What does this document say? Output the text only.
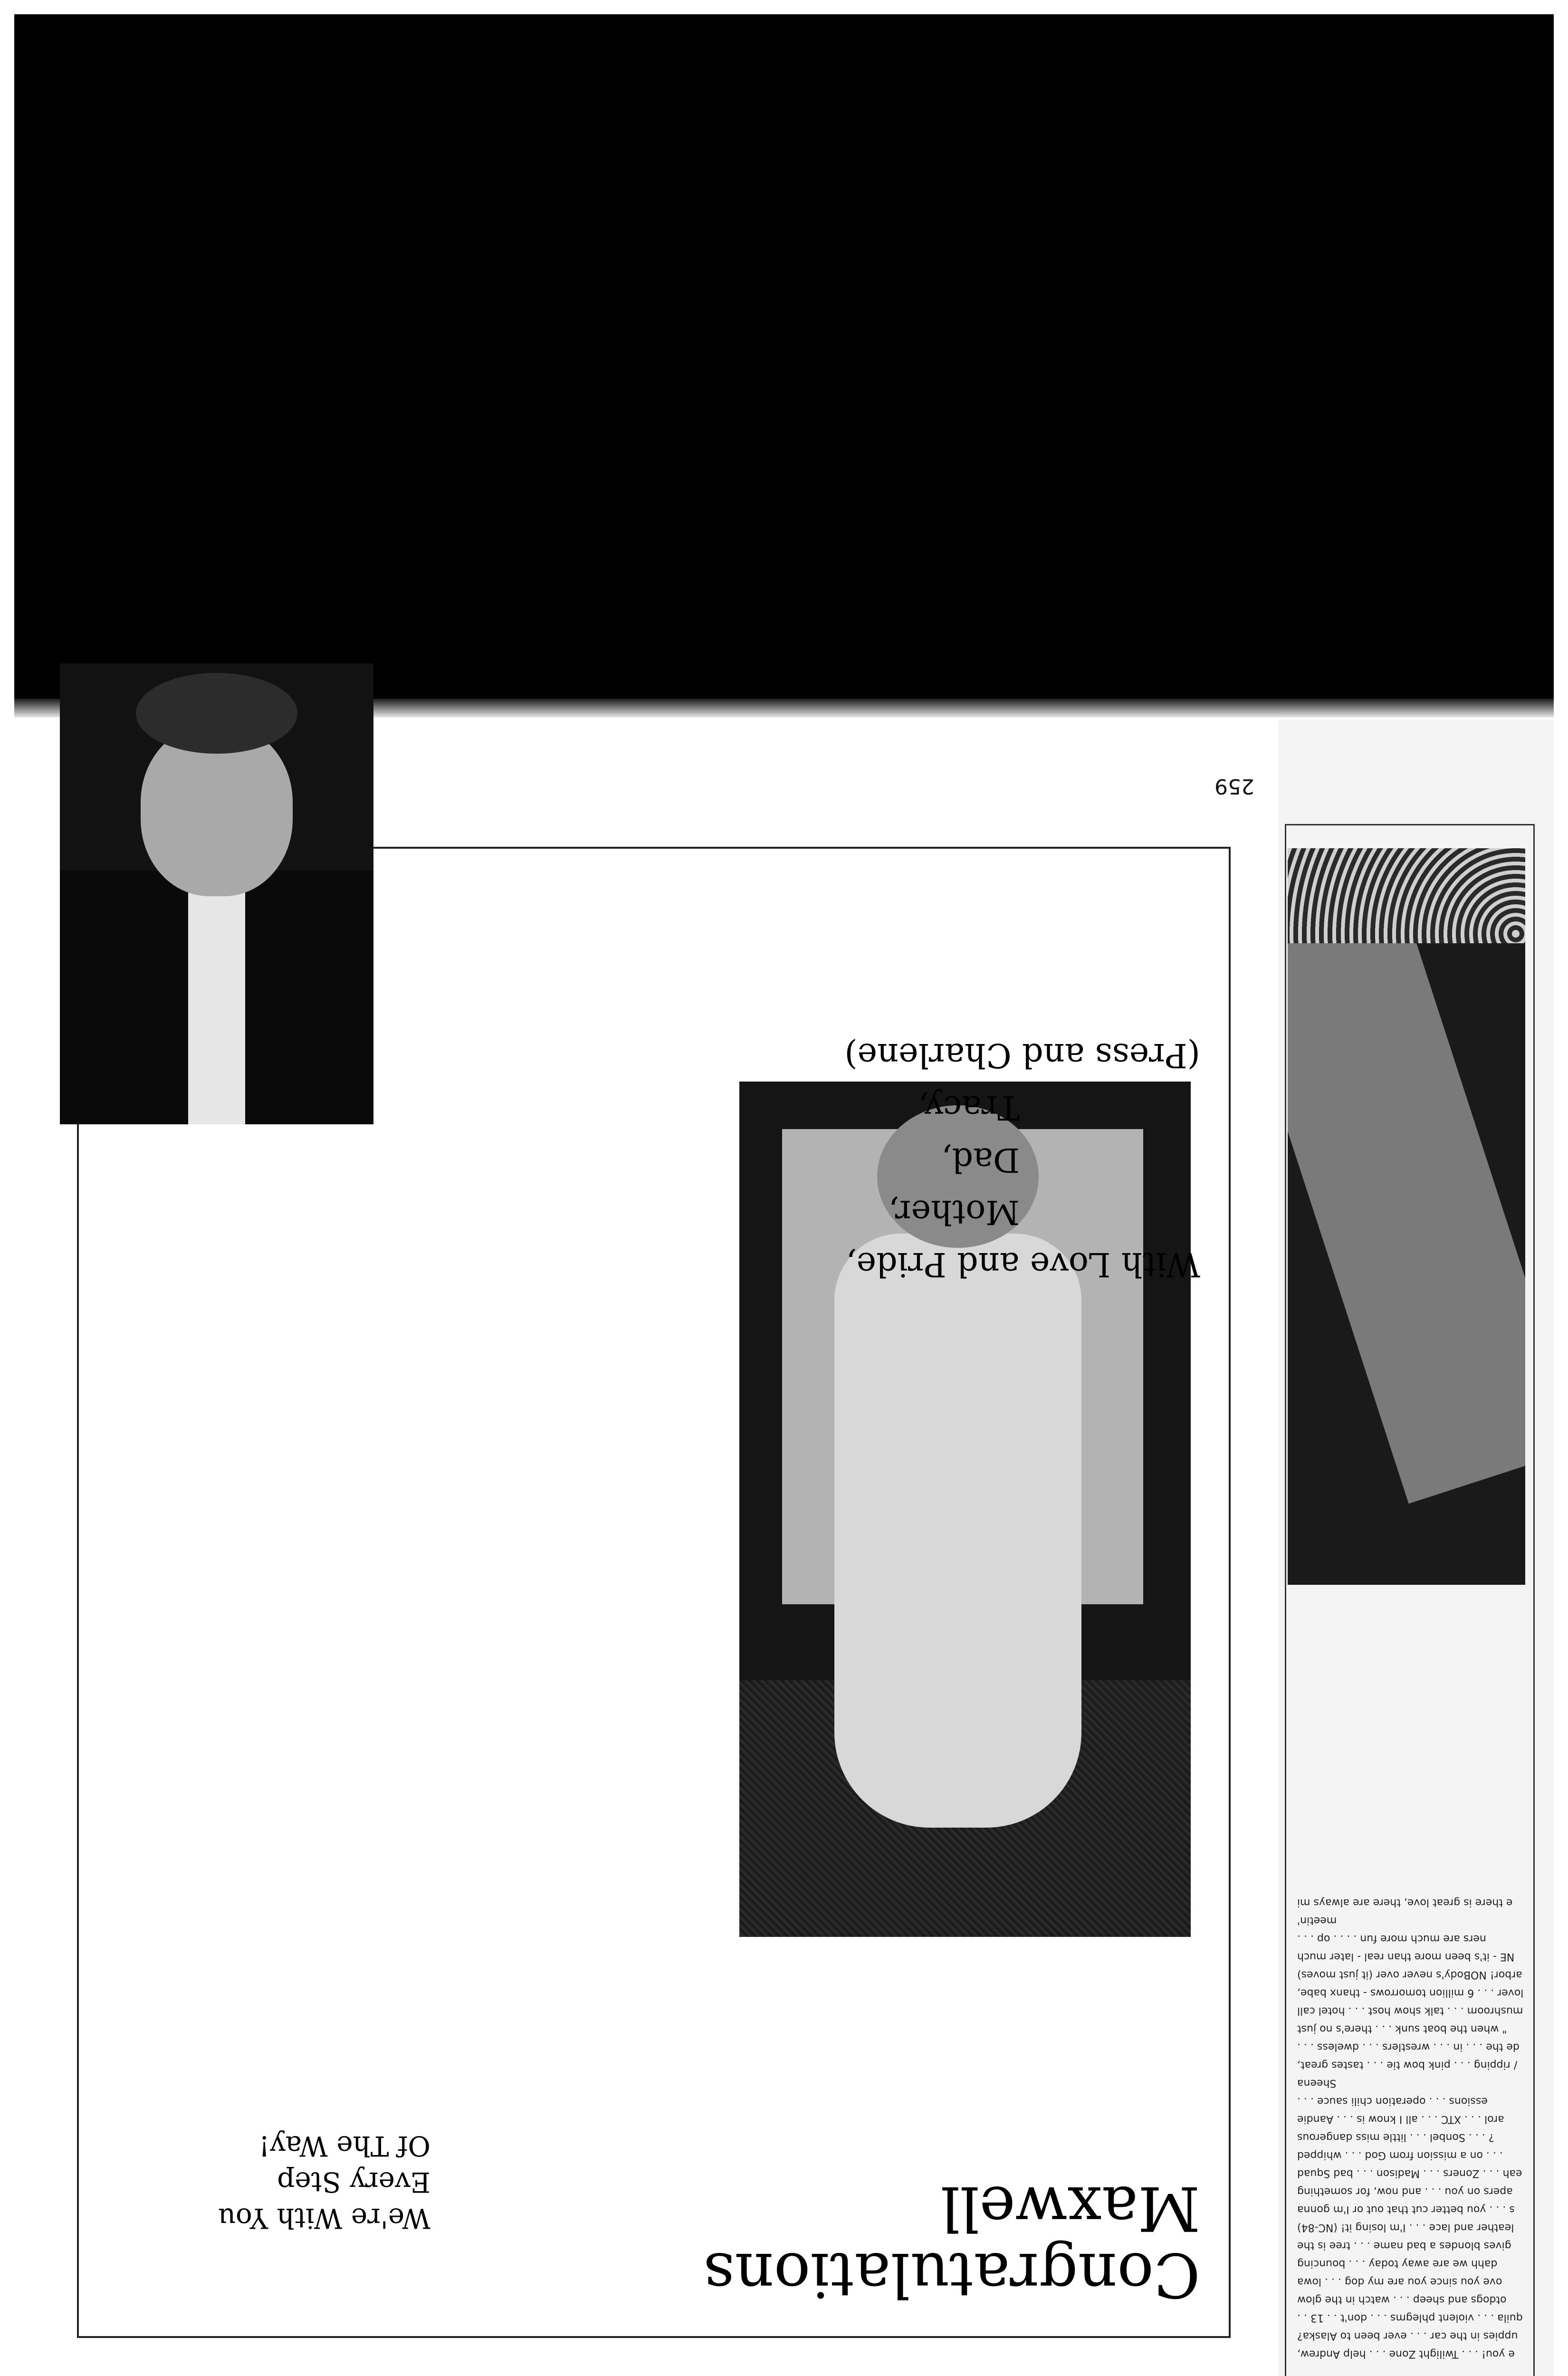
Congratulations
Maxwell
We're With You
Every Step
Of The Way!
With Love and Pride,
Mother,
Dad,
Tracy,
(Press and Charlene)
259
e you! . . . Twilight Zone . . . help Andrew,
uppies in the car . . . ever been to Alaska?
quila . . . violent phlegms . . . don't . . 13 . .
otdogs and sheep . . . watch in the glow
ove you since you are my dog . . . lowa
dahh we are away today . . . bouncing
gives blondes a bad name . . . tree is the
leather and lace . . . I'm losing it! (NC-84)
s . . . you better cut that out or I'm gonna
apers on you . . . and now, for something
eah . . . Zoners . . . Madison . . . bad Squad
. . . on a mission from God . . . whipped
? . . . Sonbel . . . little miss dangerous
arol . . . XTC . . . all I know is . . . Aandie
essions . . . operation chili sauce . . . Sheena
/ ripping . . . pink bow tie . . . tastes great,
de the . . . in . . . wrestlers . . . dweless . . .
" when the boat sunk . . . there's no just
mushroom . . . talk show host . . . hotel call
lover . . . 6 million tomorrows - thanx babe,
arbor! NOBody's never over (it just moves)
NE - it's been more than real - later much
ners are much more fun . . . . op . . . meetin'
e there is great love, there are always mi
